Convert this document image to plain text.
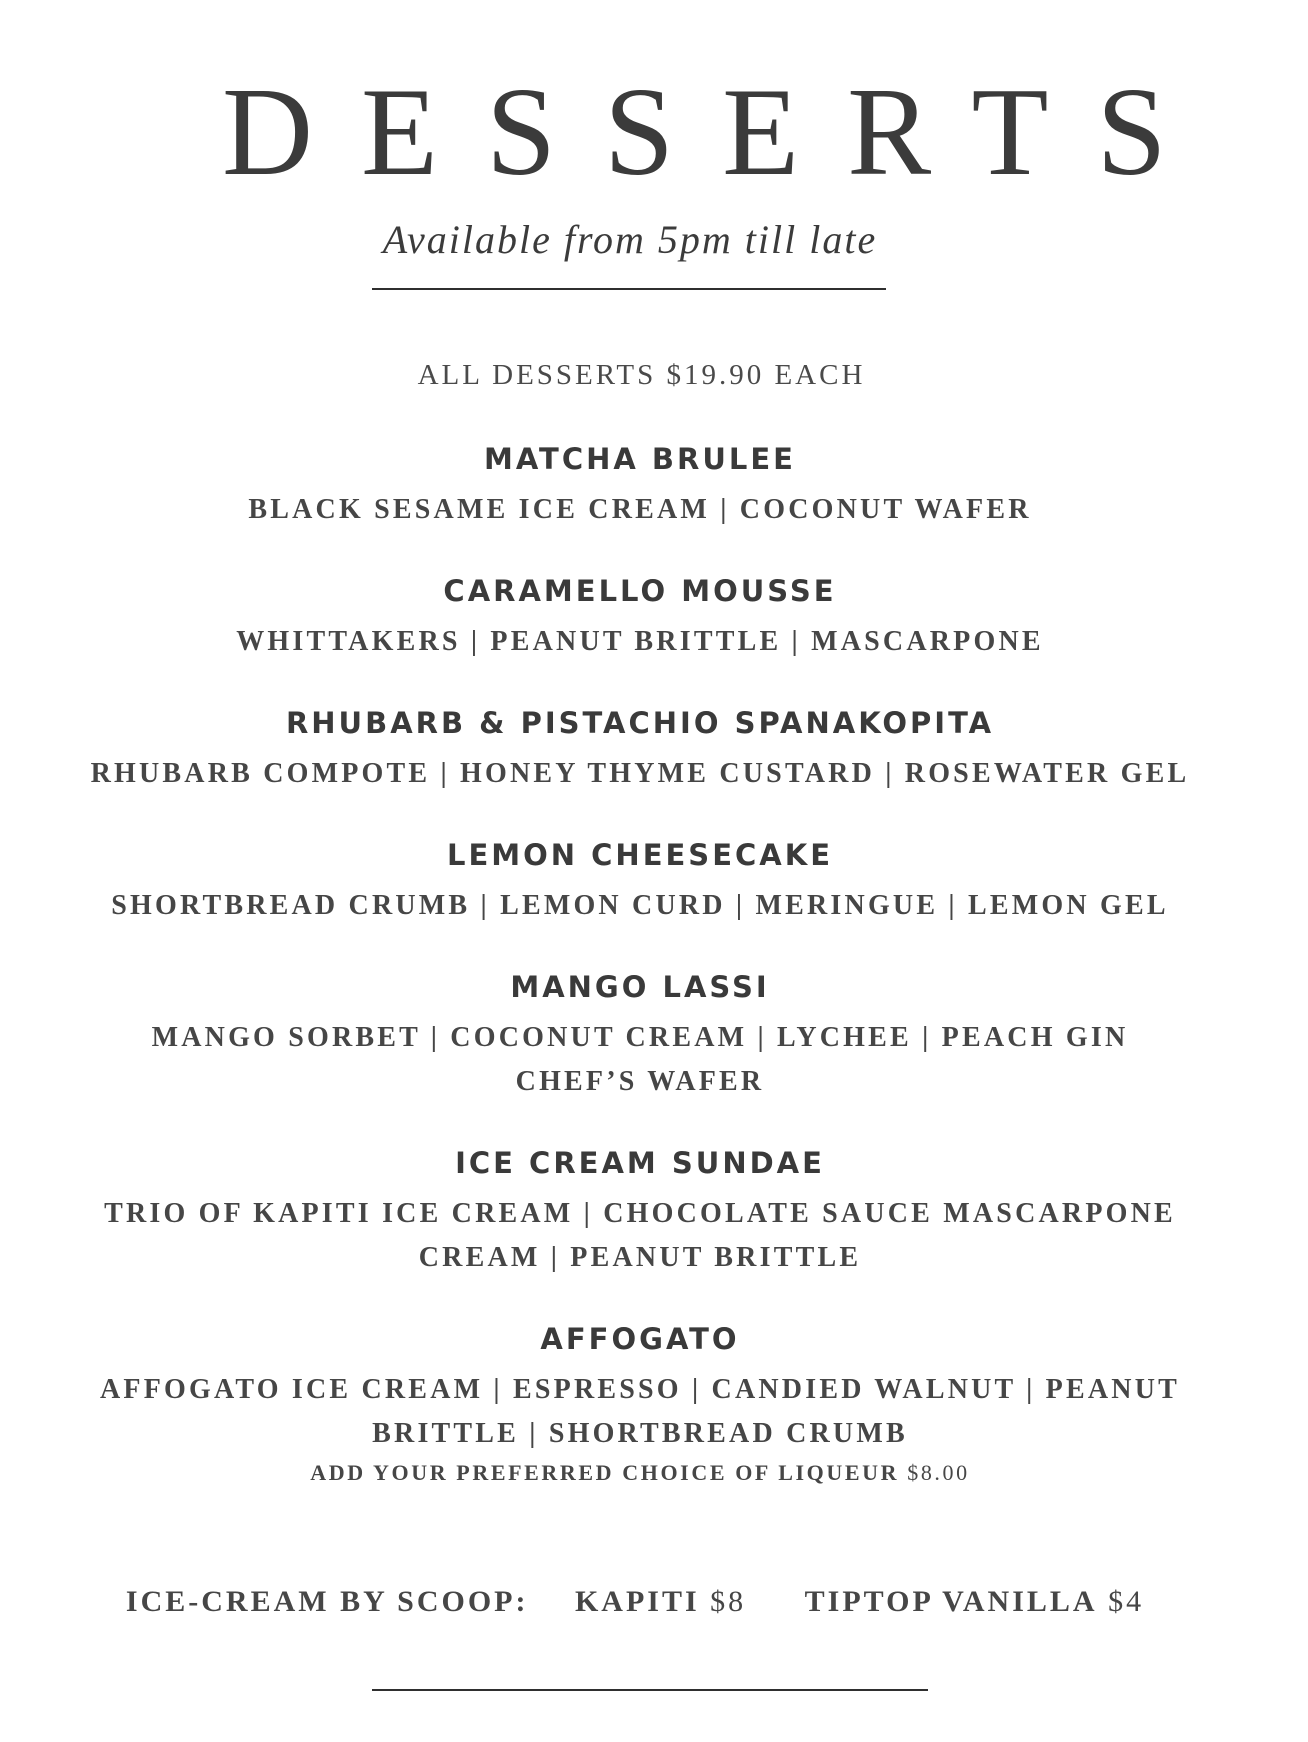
DESSERTS
Available from 5pm till late
ALL DESSERTS $19.90 EACH
MATCHA BRULEE
BLACK SESAME ICE CREAM | COCONUT WAFER
CARAMELLO MOUSSE
WHITTAKERS | PEANUT BRITTLE | MASCARPONE
RHUBARB & PISTACHIO SPANAKOPITA
RHUBARB COMPOTE | HONEY THYME CUSTARD | ROSEWATER GEL
LEMON CHEESECAKE
SHORTBREAD CRUMB | LEMON CURD | MERINGUE | LEMON GEL
MANGO LASSI
MANGO SORBET | COCONUT CREAM | LYCHEE | PEACH GIN
CHEF’S WAFER
ICE CREAM SUNDAE
TRIO OF KAPITI ICE CREAM | CHOCOLATE SAUCE MASCARPONE
CREAM | PEANUT BRITTLE
AFFOGATO
AFFOGATO ICE CREAM | ESPRESSO | CANDIED WALNUT | PEANUT
BRITTLE | SHORTBREAD CRUMB
ADD YOUR PREFERRED CHOICE OF LIQUEUR $8.00
ICE-CREAM BY SCOOP: KAPITI $8 TIPTOP VANILLA $4
